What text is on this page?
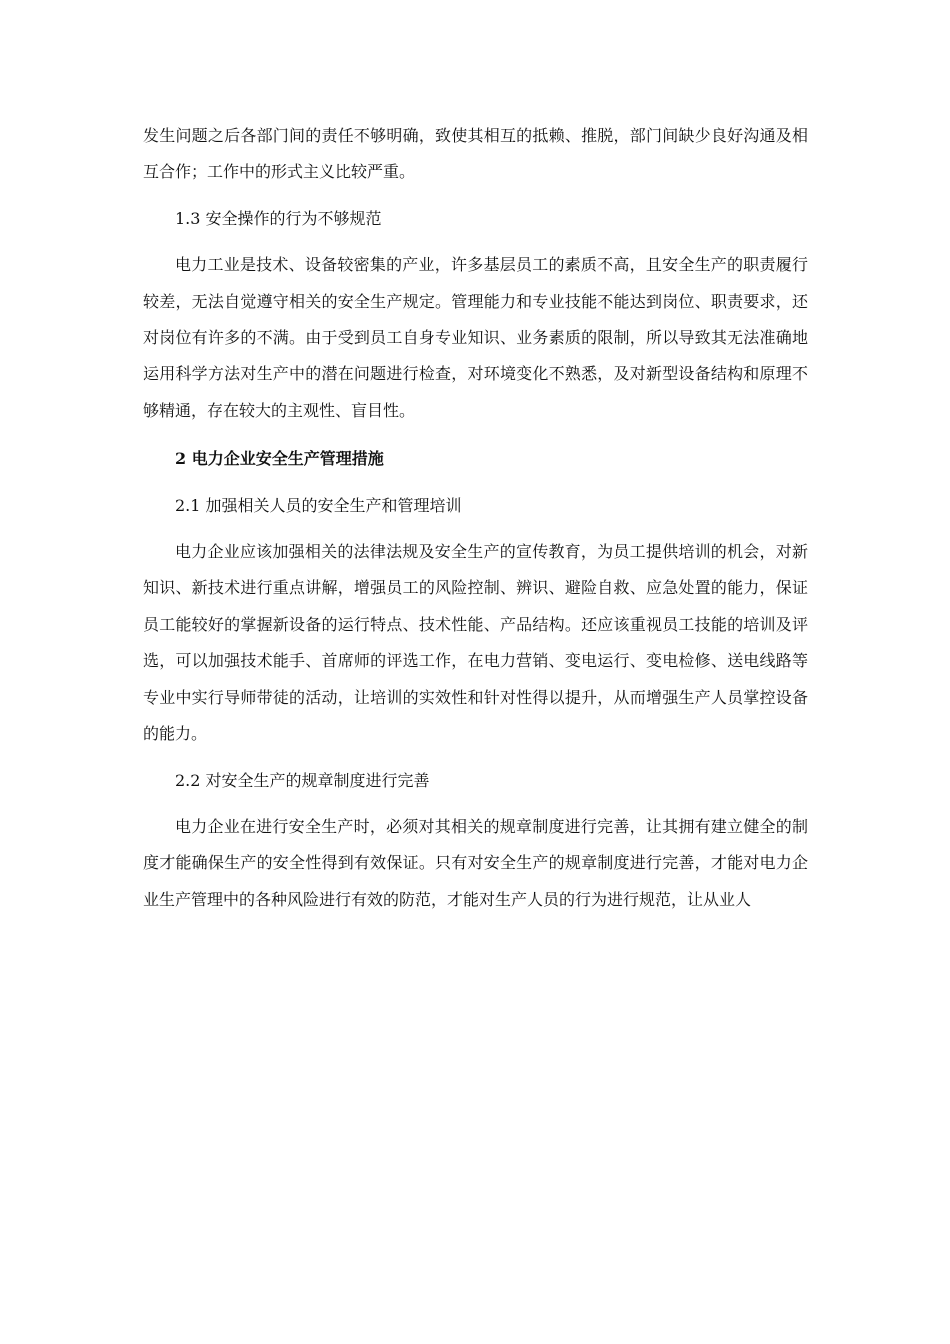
发生问题之后各部门间的责任不够明确，致使其相互的抵赖、推脱，部门间缺少良好沟通及相互合作；工作中的形式主义比较严重。

1.3 安全操作的行为不够规范

电力工业是技术、设备较密集的产业，许多基层员工的素质不高，且安全生产的职责履行较差，无法自觉遵守相关的安全生产规定。管理能力和专业技能不能达到岗位、职责要求，还对岗位有许多的不满。由于受到员工自身专业知识、业务素质的限制，所以导致其无法准确地运用科学方法对生产中的潜在问题进行检查，对环境变化不熟悉，及对新型设备结构和原理不够精通，存在较大的主观性、盲目性。

2 电力企业安全生产管理措施

2.1 加强相关人员的安全生产和管理培训

电力企业应该加强相关的法律法规及安全生产的宣传教育，为员工提供培训的机会，对新知识、新技术进行重点讲解，增强员工的风险控制、辨识、避险自救、应急处置的能力，保证员工能较好的掌握新设备的运行特点、技术性能、产品结构。还应该重视员工技能的培训及评选，可以加强技术能手、首席师的评选工作，在电力营销、变电运行、变电检修、送电线路等专业中实行导师带徒的活动，让培训的实效性和针对性得以提升，从而增强生产人员掌控设备的能力。

2.2 对安全生产的规章制度进行完善

电力企业在进行安全生产时，必须对其相关的规章制度进行完善，让其拥有建立健全的制度才能确保生产的安全性得到有效保证。只有对安全生产的规章制度进行完善，才能对电力企业生产管理中的各种风险进行有效的防范，才能对生产人员的行为进行规范，让从业人
